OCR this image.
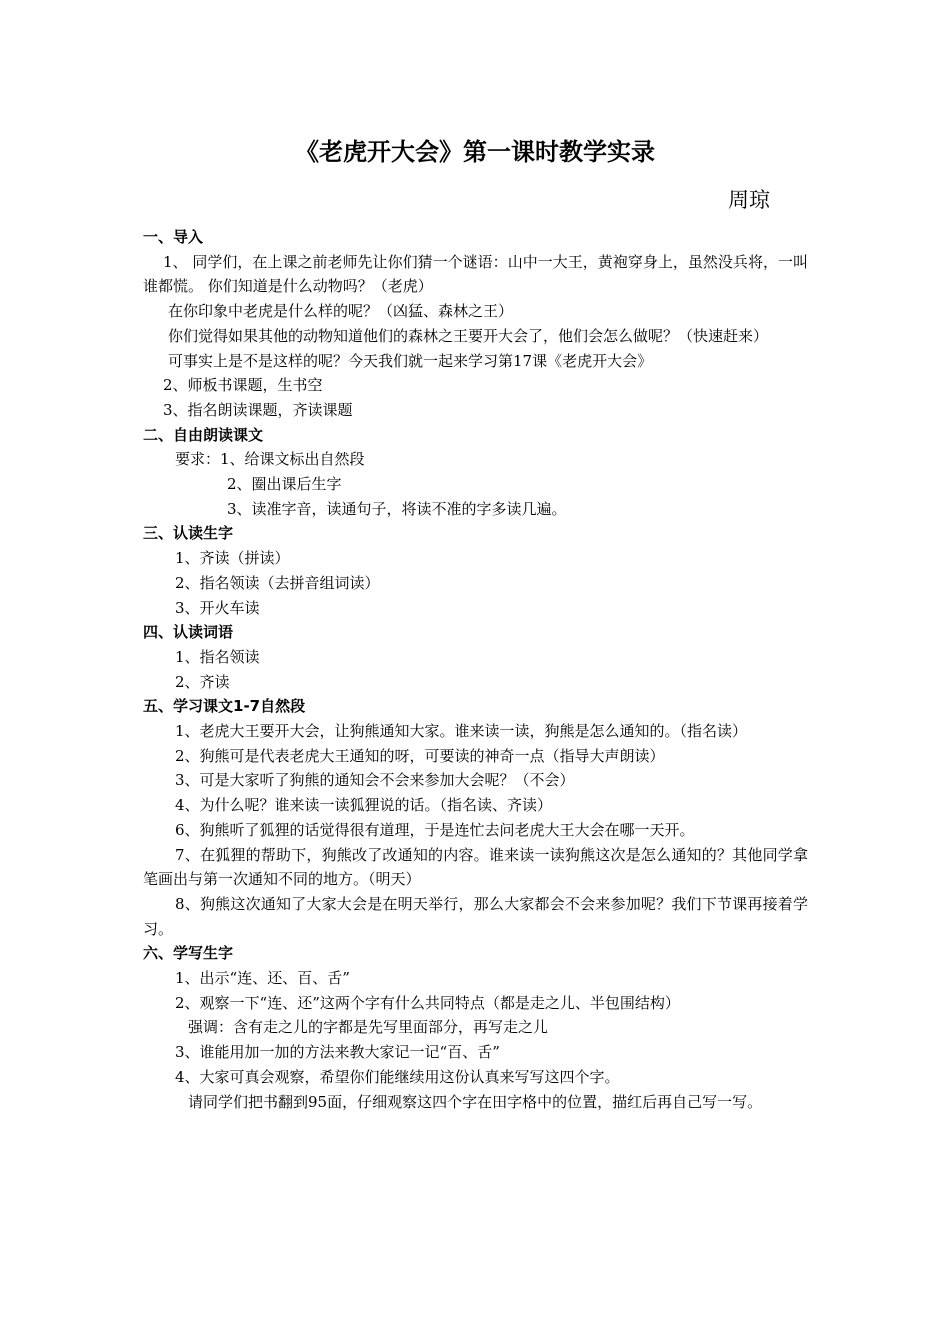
《老虎开大会》第一课时教学实录
周琼
一、导入
1、 同学们，在上课之前老师先让你们猜一个谜语：山中一大王，黄袍穿身上，虽然没兵将，一叫谁都慌。 你们知道是什么动物吗？（老虎）
在你印象中老虎是什么样的呢？（凶猛、森林之王）
你们觉得如果其他的动物知道他们的森林之王要开大会了，他们会怎么做呢？（快速赶来）
可事实上是不是这样的呢？今天我们就一起来学习第17课《老虎开大会》
2、师板书课题，生书空
3、指名朗读课题，齐读课题
二、自由朗读课文
要求：1、给课文标出自然段
2、圈出课后生字
3、读准字音，读通句子，将读不准的字多读几遍。
三、认读生字
1、齐读（拼读）
2、指名领读（去拼音组词读）
3、开火车读
四、认读词语
1、指名领读
2、齐读
五、学习课文1-7自然段
1、老虎大王要开大会，让狗熊通知大家。谁来读一读，狗熊是怎么通知的。（指名读）
2、狗熊可是代表老虎大王通知的呀，可要读的神奇一点（指导大声朗读）
3、可是大家听了狗熊的通知会不会来参加大会呢？（不会）
4、为什么呢？谁来读一读狐狸说的话。（指名读、齐读）
6、狗熊听了狐狸的话觉得很有道理，于是连忙去问老虎大王大会在哪一天开。
7、在狐狸的帮助下，狗熊改了改通知的内容。谁来读一读狗熊这次是怎么通知的？其他同学拿笔画出与第一次通知不同的地方。（明天）
8、狗熊这次通知了大家大会是在明天举行，那么大家都会不会来参加呢？我们下节课再接着学习。
六、学写生字
1、出示“连、还、百、舌”
2、观察一下“连、还”这两个字有什么共同特点（都是走之儿、半包围结构）
强调：含有走之儿的字都是先写里面部分，再写走之儿
3、谁能用加一加的方法来教大家记一记“百、舌”
4、大家可真会观察，希望你们能继续用这份认真来写写这四个字。
请同学们把书翻到95面，仔细观察这四个字在田字格中的位置，描红后再自己写一写。
